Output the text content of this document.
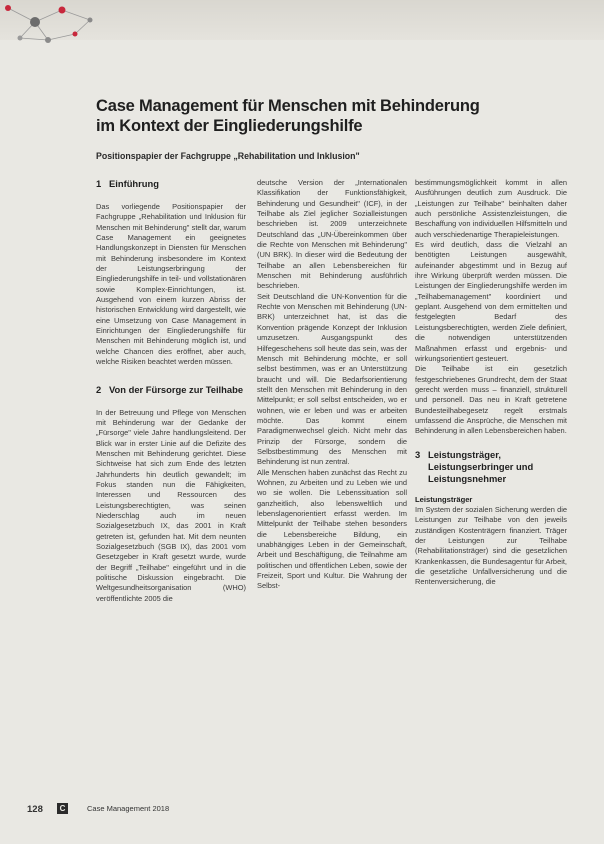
Case Management für Menschen mit Behinderung
im Kontext der Eingliederungshilfe

Positionspapier der Fachgruppe „Rehabilitation und Inklusion"

1 Einführung

Das vorliegende Positionspapier der Fachgruppe „Rehabilitation und Inklusion für Menschen mit Behinderung" stellt dar, warum Case Management ein geeignetes Handlungskonzept in Diensten für Menschen mit Behinderung insbesondere im Kontext der Leistungserbringung der Eingliederungshilfe in teil- und vollstationären sowie Komplex-Einrichtungen, ist. Ausgehend von einem kurzen Abriss der historischen Entwicklung wird dargestellt, wie eine Umsetzung von Case Management in Einrichtungen der Eingliederungshilfe für Menschen mit Behinderung möglich ist, und welche Chancen dies eröffnet, aber auch, welche Risiken beachtet werden müssen.

2 Von der Fürsorge zur Teilhabe

In der Betreuung und Pflege von Menschen mit Behinderung war der Gedanke der „Fürsorge" viele Jahre handlungsleitend. Der Blick war in erster Linie auf die Defizite des Menschen mit Behinderung gerichtet. Diese Sichtweise hat sich zum Ende des letzten Jahrhunderts hin deutlich gewandelt; im Fokus standen nun die Fähigkeiten, Interessen und Ressourcen des Leistungsberechtigten, was seinen Niederschlag auch im neuen Sozialgesetzbuch IX, das 2001 in Kraft getreten ist, gefunden hat. Mit dem neunten Sozialgesetzbuch (SGB IX), das 2001 vom Gesetzgeber in Kraft gesetzt wurde, wurde der Begriff „Teilhabe" eingeführt und in die politische Diskussion eingebracht. Die Weltgesundheitsorganisation (WHO) veröffentlichte 2005 die

deutsche Version der „Internationalen Klassifikation der Funktionsfähigkeit, Behinderung und Gesundheit" (ICF), in der Teilhabe als Ziel jeglicher Sozialleistungen beschrieben ist. 2009 unterzeichnete Deutschland das „UN-Übereinkommen über die Rechte von Menschen mit Behinderung" (UN BRK). In dieser wird die Bedeutung der Teilhabe an allen Lebensbereichen für Menschen mit Behinderung ausführlich beschrieben.

Seit Deutschland die UN-Konvention für die Rechte von Menschen mit Behinderung (UN-BRK) unterzeichnet hat, ist das die Konvention prägende Konzept der Inklusion umzusetzen. Ausgangspunkt des Hilfegeschehens soll heute das sein, was der Mensch mit Behinderung möchte, er soll selbst bestimmen, was er an Unterstützung braucht und will. Die Bedarfsorientierung stellt den Menschen mit Behinderung in den Mittelpunkt; er soll selbst entscheiden, wo er wohnen, wie er leben und was er arbeiten möchte. Das kommt einem Paradigmenwechsel gleich. Nicht mehr das Prinzip der Fürsorge, sondern die Selbstbestimmung des Menschen mit Behinderung ist nun zentral.

Alle Menschen haben zunächst das Recht zu Wohnen, zu Arbeiten und zu Leben wie und wo sie wollen. Die Lebenssituation soll ganzheitlich, also lebensweltlich und lebenslagenorientiert erfasst werden. Im Mittelpunkt der Teilhabe stehen besonders die Lebensbereiche Bildung, ein unabhängiges Leben in der Gemeinschaft, Arbeit und Beschäftigung, die Teilnahme am politischen und öffentlichen Leben, sowie der Freizeit, Sport und Kultur. Die Wahrung der Selbst-

bestimmungsmöglichkeit kommt in allen Ausführungen deutlich zum Ausdruck. Die „Leistungen zur Teilhabe" beinhalten daher auch persönliche Assistenzleistungen, die Beschaffung von individuellen Hilfsmitteln und auch verschiedenartige Therapieleistungen.

Es wird deutlich, dass die Vielzahl an benötigten Leistungen ausgewählt, aufeinander abgestimmt und in Bezug auf ihre Wirkung überprüft werden müssen. Die Leistungen der Eingliederungshilfe werden im „Teilhabemanagement" koordiniert und geplant. Ausgehend von dem ermittelten und festgelegten Bedarf des Leistungsberechtigten, werden Ziele definiert, die notwendigen unterstützenden Maßnahmen erfasst und ergebnis- und wirkungsorientiert gesteuert.

Die Teilhabe ist ein gesetzlich festgeschriebenes Grundrecht, dem der Staat gerecht werden muss – finanziell, strukturell und personell. Das neu in Kraft getretene Bundesteilhabegesetz regelt erstmals umfassend die Ansprüche, die Menschen mit Behinderung in allen Lebensbereichen haben.

3 Leistungsträger, Leistungserbringer und Leistungsnehmer

Leistungsträger

Im System der sozialen Sicherung werden die Leistungen zur Teilhabe von den jeweils zuständigen Kostenträgern finanziert. Träger der Leistungen zur Teilhabe (Rehabilitationsträger) sind die gesetzlichen Krankenkassen, die Bundesagentur für Arbeit, die gesetzliche Unfallversicherung und die Rentenversicherung, die

128	C	Case Management 2018
